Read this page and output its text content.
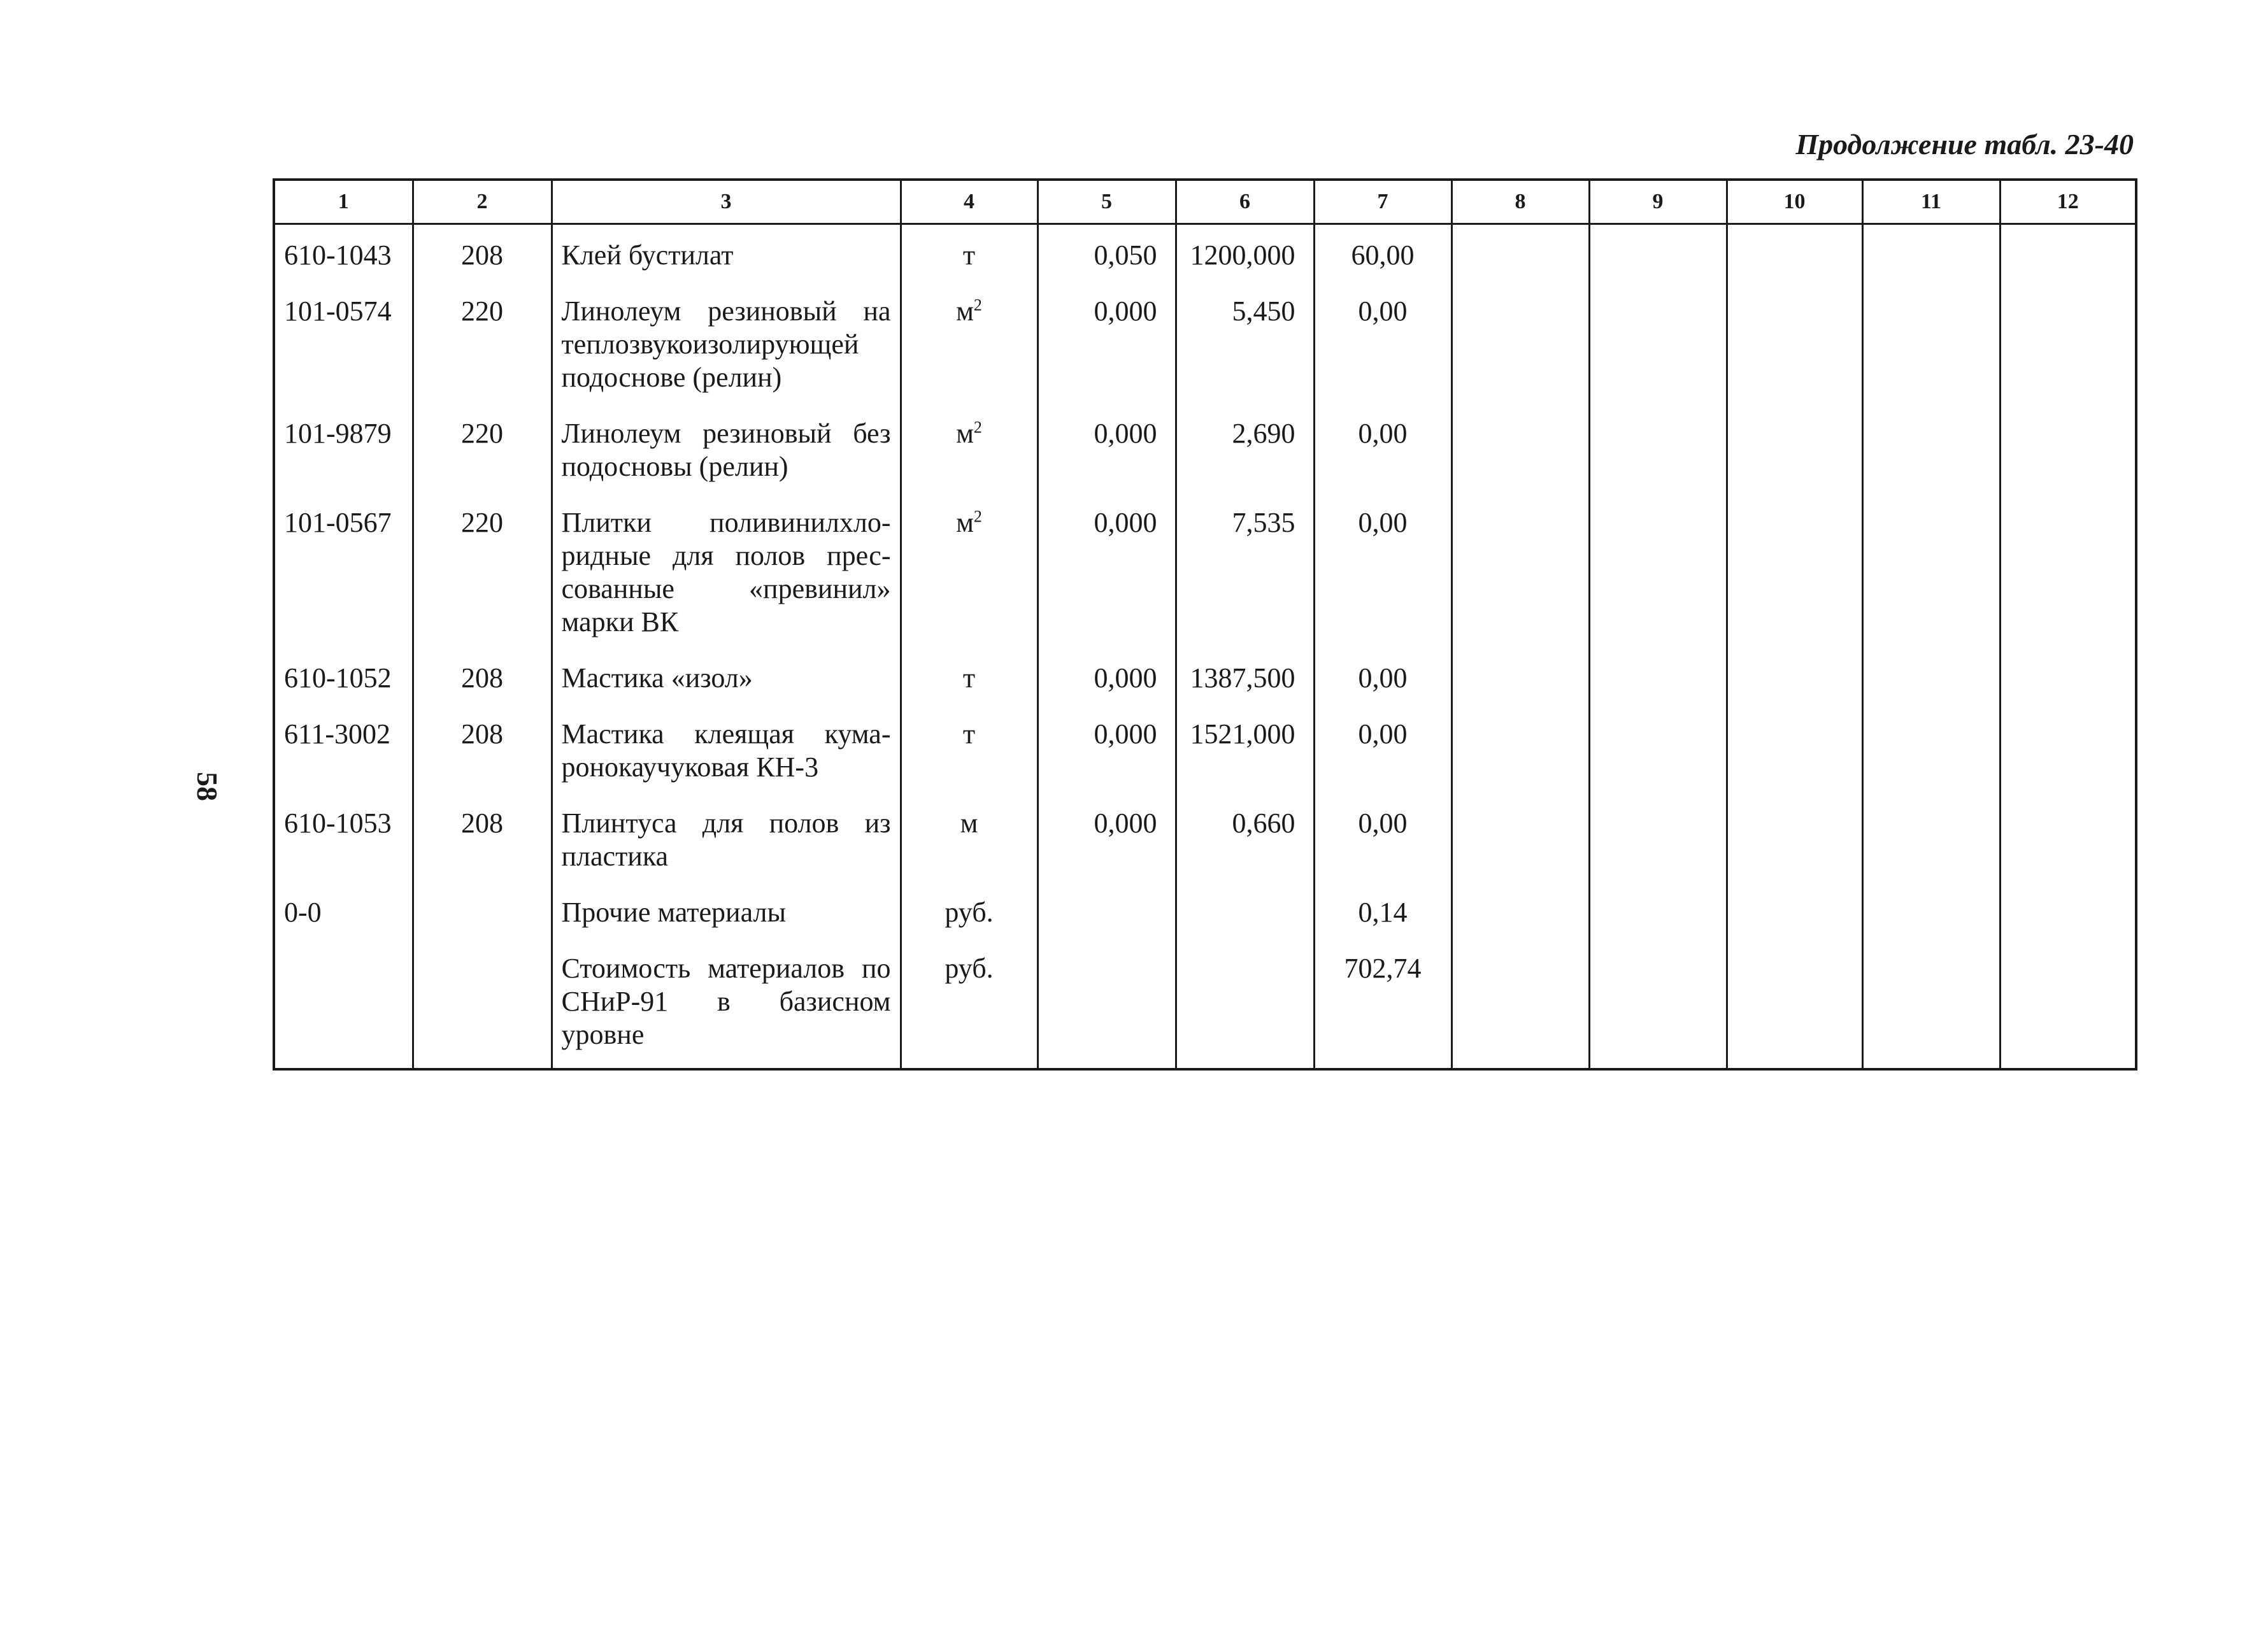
Продолжение табл. 23-40
58
1	2	3	4	5	6	7	8	9	10	11	12
610-1043	208	Клей бустилат	т	0,050	1200,000	60,00					
101-0574	220	Линолеум резиновый на теплозвукоизолирующей подоснове (релин)	$м^2$	0,000	5,450	0,00					
101-9879	220	Линолеум резиновый без подосновы (релин)	$м^2$	0,000	2,690	0,00					
101-0567	220	Плитки поливинилхло-ридные для полов прес-сованные «превинил» марки ВК	$м^2$	0,000	7,535	0,00					
610-1052	208	Мастика «изол»	т	0,000	1387,500	0,00					
611-3002	208	Мастика клеящая кума-ронокаучуковая КН-3	т	0,000	1521,000	0,00					
610-1053	208	Плинтуса для полов из пластика	м	0,000	0,660	0,00					
0-0		Прочие материалы	руб.			0,14					
		Стоимость материалов по СНиР-91 в базисном уровне	руб.			702,74					
